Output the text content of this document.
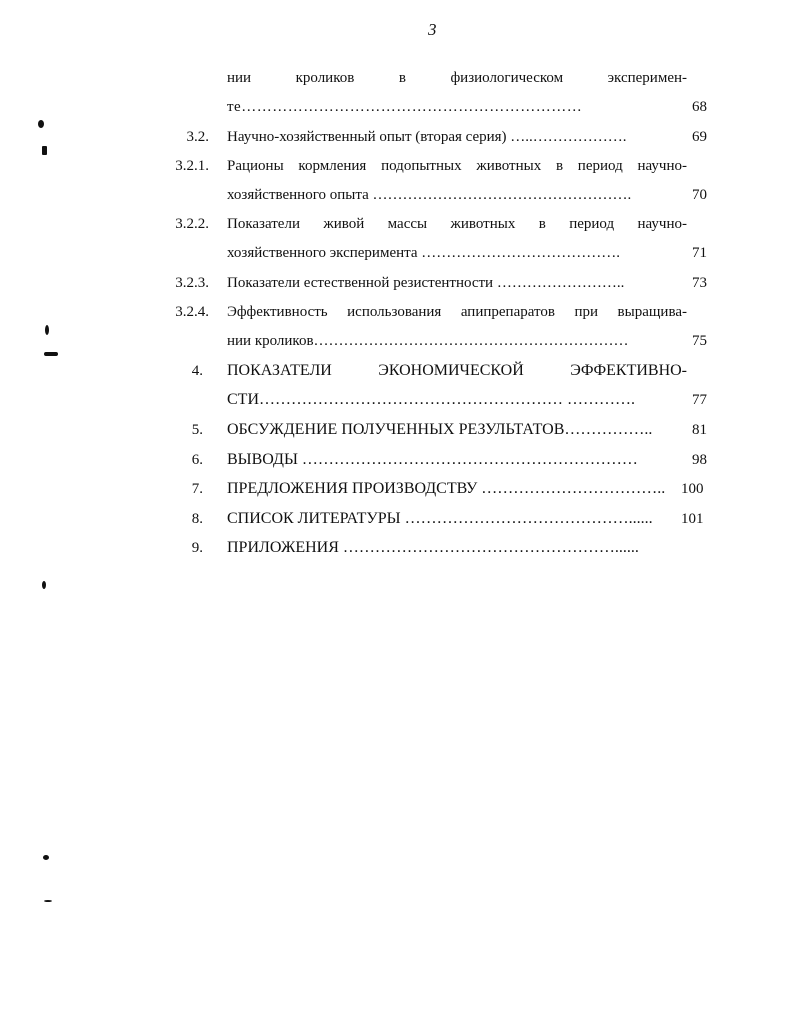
3
нии кроликов в физиологическом эксперимен-
те…………………………………………………………	68
3.2. Научно-хозяйственный опыт (вторая серия) …..……………….	69
3.2.1. Рационы кормления подопытных животных в период научно-
хозяйственного опыта …………………………………………….	70
3.2.2. Показатели живой массы животных в период научно-
хозяйственного эксперимента ………………………………….	71
3.2.3. Показатели естественной резистентности ……………………..	73
3.2.4. Эффективность использования апипрепаратов при выращива-
нии кроликов………………………………………………………	75
4. ПОКАЗАТЕЛИ ЭКОНОМИЧЕСКОЙ ЭФФЕКТИВНО-
СТИ………………………………………………… ………….	77
5. ОБСУЖДЕНИЕ ПОЛУЧЕННЫХ РЕЗУЛЬТАТОВ……………..	81
6. ВЫВОДЫ ………………………………………………………	98
7. ПРЕДЛОЖЕНИЯ ПРОИЗВОДСТВУ ……………………………..	100
8. СПИСОК ЛИТЕРАТУРЫ ……………………………………......	101
9. ПРИЛОЖЕНИЯ ……………………………………………......
